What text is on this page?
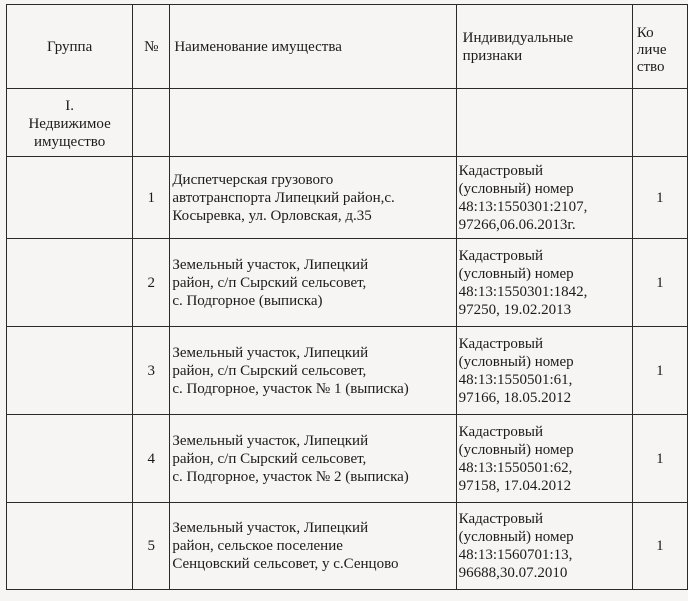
Группа	№	Наименование имущества	Индивидуальные
признаки	Ко
личе
ство

I.
Недвижимое
имущество				

	1	Диспетчерская грузового
автотранспорта Липецкий район,с.
Косыревка, ул. Орловская, д.35	Кадастровый
(условный) номер
48:13:1550301:2107,
97266,06.06.2013г.	1
	2	Земельный участок, Липецкий
район, с/п Сырский сельсовет,
с. Подгорное (выписка)	Кадастровый
(условный) номер
48:13:1550301:1842,
97250, 19.02.2013	1
	3	Земельный участок, Липецкий
район, с/п Сырский сельсовет,
с. Подгорное, участок № 1 (выписка)	Кадастровый
(условный) номер
48:13:1550501:61,
97166, 18.05.2012	1
	4	Земельный участок, Липецкий
район, с/п Сырский сельсовет,
с. Подгорное, участок № 2 (выписка)	Кадастровый
(условный) номер
48:13:1550501:62,
97158, 17.04.2012	1
	5	Земельный участок, Липецкий
район, сельское поселение
Сенцовский сельсовет, у с.Сенцово	Кадастровый
(условный) номер
48:13:1560701:13,
96688,30.07.2010	1
